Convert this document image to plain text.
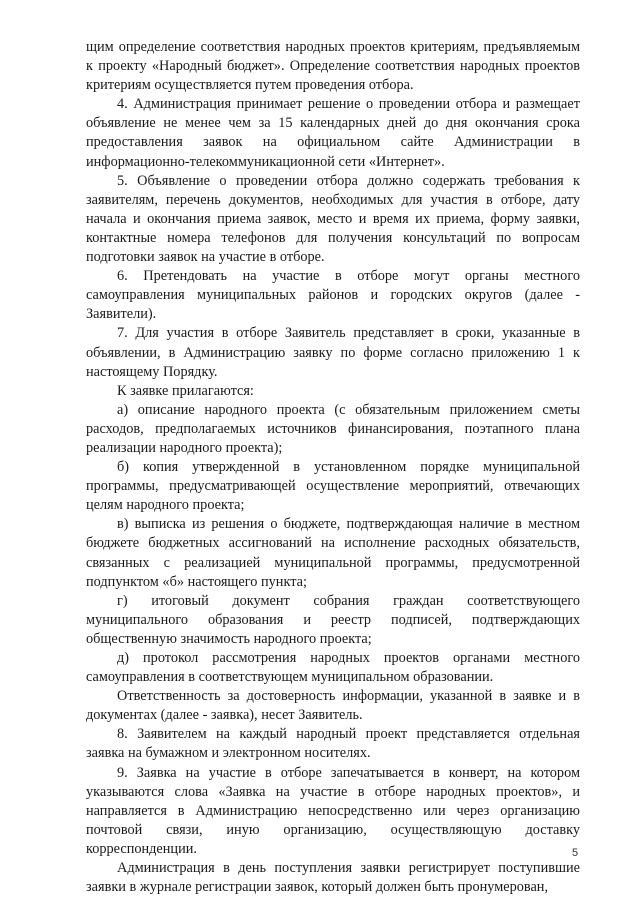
щим определение соответствия народных проектов критериям, предъявляемым к проекту «Народный бюджет». Определение соответствия народных проектов критериям осуществляется путем проведения отбора.

4. Администрация принимает решение о проведении отбора и размещает объявление не менее чем за 15 календарных дней до дня окончания срока предоставления заявок на официальном сайте Администрации в информационно-телекоммуникационной сети «Интернет».

5. Объявление о проведении отбора должно содержать требования к заявителям, перечень документов, необходимых для участия в отборе, дату начала и окончания приема заявок, место и время их приема, форму заявки, контактные номера телефонов для получения консультаций по вопросам подготовки заявок на участие в отборе.

6. Претендовать на участие в отборе могут органы местного самоуправления муниципальных районов и городских округов (далее - Заявители).

7. Для участия в отборе Заявитель представляет в сроки, указанные в объявлении, в Администрацию заявку по форме согласно приложению 1 к настоящему Порядку.

К заявке прилагаются:

а) описание народного проекта (с обязательным приложением сметы расходов, предполагаемых источников финансирования, поэтапного плана реализации народного проекта);

б) копия утвержденной в установленном порядке муниципальной программы, предусматривающей осуществление мероприятий, отвечающих целям народного проекта;

в) выписка из решения о бюджете, подтверждающая наличие в местном бюджете бюджетных ассигнований на исполнение расходных обязательств, связанных с реализацией муниципальной программы, предусмотренной подпунктом «б» настоящего пункта;

г) итоговый документ собрания граждан соответствующего муниципального образования и реестр подписей, подтверждающих общественную значимость народного проекта;

д) протокол рассмотрения народных проектов органами местного самоуправления в соответствующем муниципальном образовании.

Ответственность за достоверность информации, указанной в заявке и в документах (далее - заявка), несет Заявитель.

8. Заявителем на каждый народный проект представляется отдельная заявка на бумажном и электронном носителях.

9. Заявка на участие в отборе запечатывается в конверт, на котором указываются слова «Заявка на участие в отборе народных проектов», и направляется в Администрацию непосредственно или через организацию почтовой связи, иную организацию, осуществляющую доставку корреспонденции.

Администрация в день поступления заявки регистрирует поступившие заявки в журнале регистрации заявок, который должен быть пронумерован,

5
